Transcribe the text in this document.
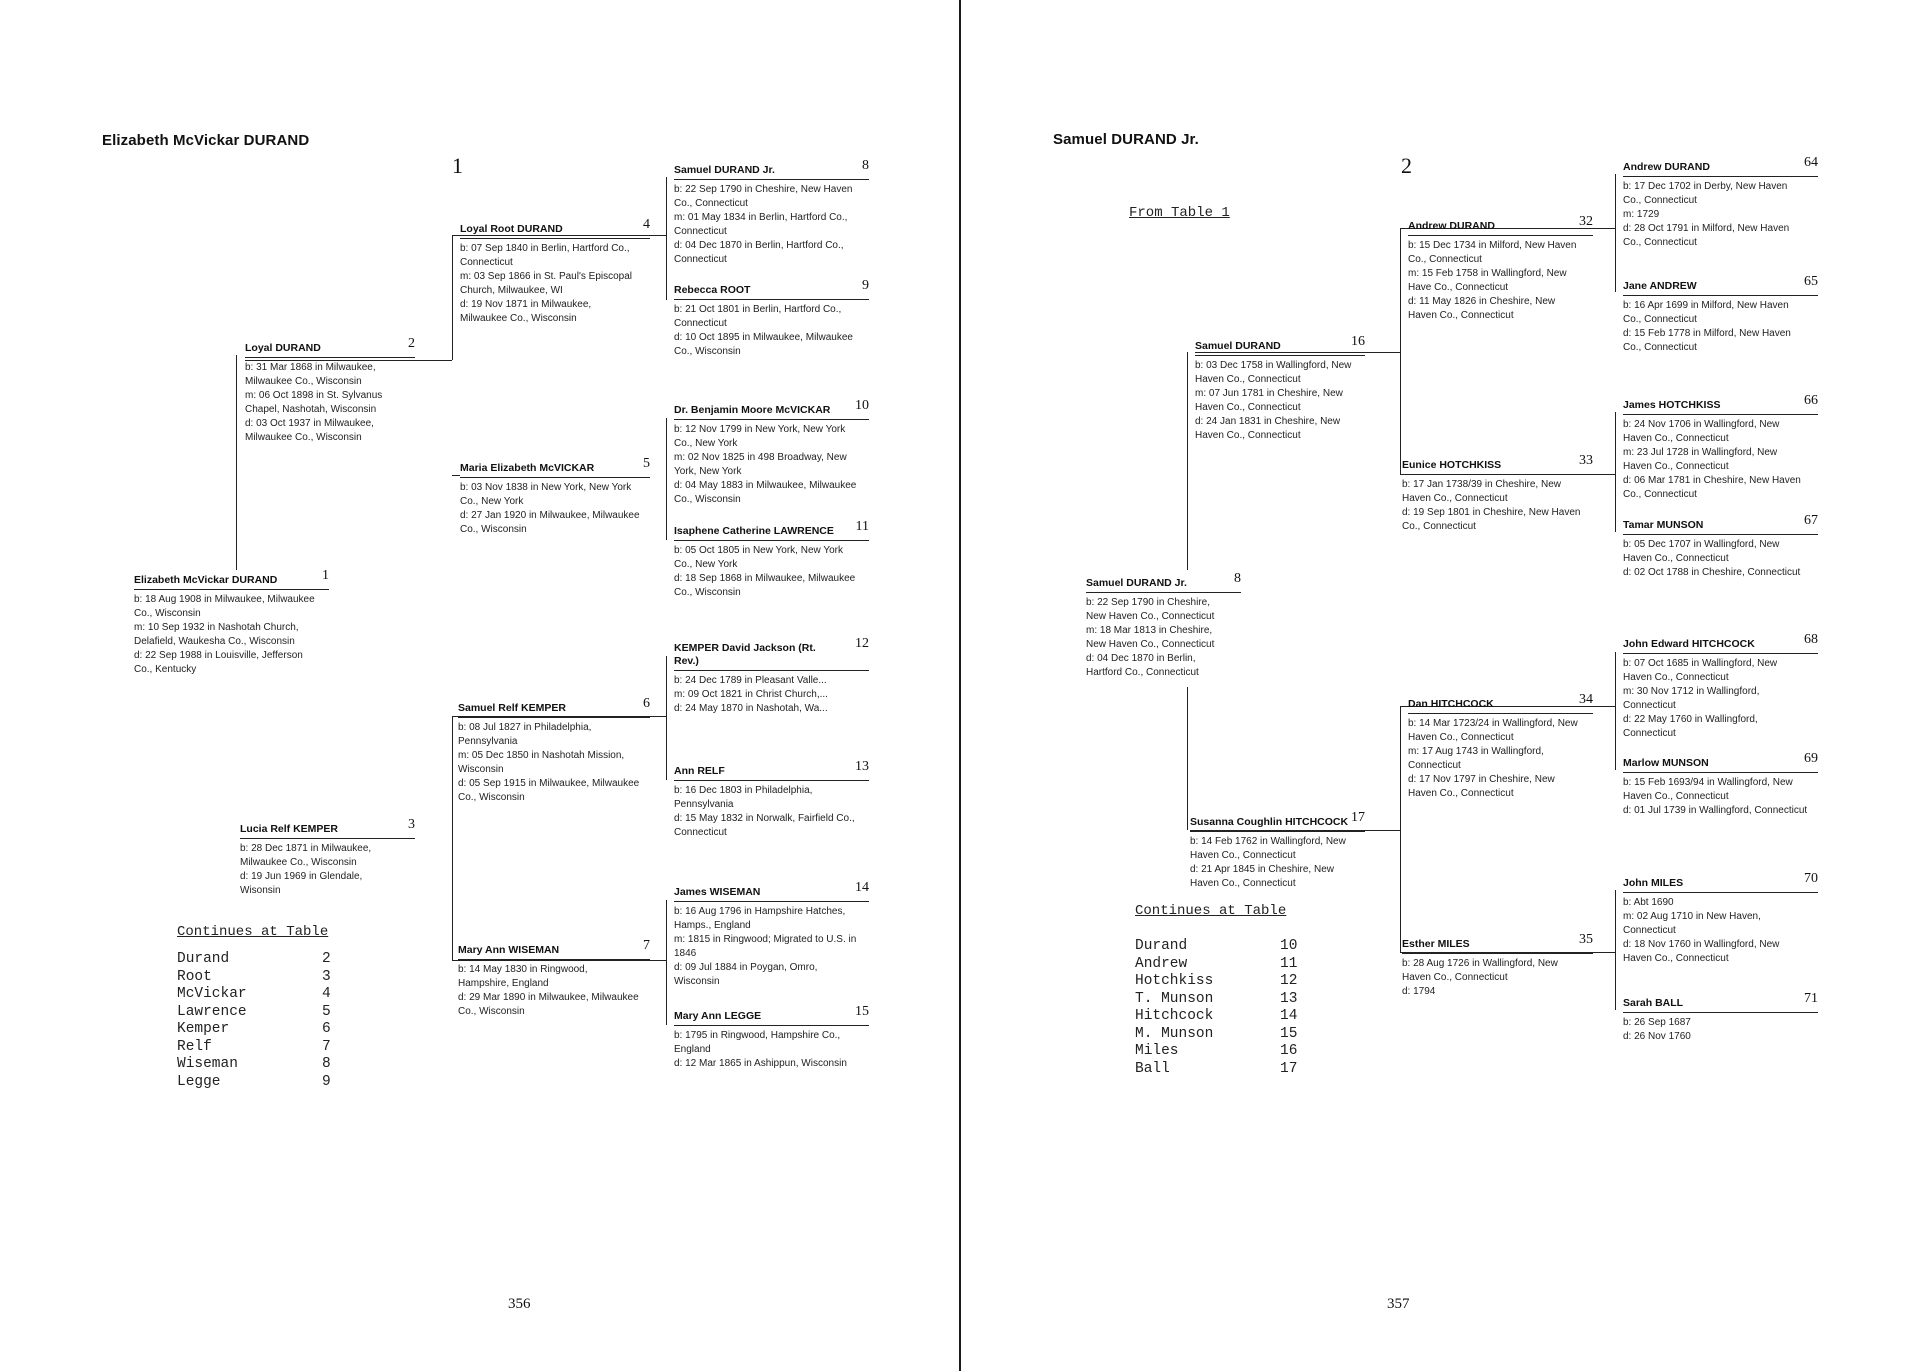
Elizabeth McVickar DURAND
1
356
Elizabeth McVickar DURAND	1
b: 18 Aug 1908 in Milwaukee, Milwaukee Co., Wisconsin
m: 10 Sep 1932 in Nashotah Church, Delafield, Waukesha Co., Wisconsin
d: 22 Sep 1988 in Louisville, Jefferson Co., Kentucky
Loyal DURAND	2
b: 31 Mar 1868 in Milwaukee, Milwaukee Co., Wisconsin
m: 06 Oct 1898 in St. Sylvanus Chapel, Nashotah, Wisconsin
d: 03 Oct 1937 in Milwaukee, Milwaukee Co., Wisconsin
Lucia Relf KEMPER	3
b: 28 Dec 1871 in Milwaukee, Milwaukee Co., Wisconsin
d: 19 Jun 1969 in Glendale, Wisonsin
Loyal Root DURAND	4
b: 07 Sep 1840 in Berlin, Hartford Co., Connecticut
m: 03 Sep 1866 in St. Paul's Episcopal Church, Milwaukee, WI
d: 19 Nov 1871 in Milwaukee, Milwaukee Co., Wisconsin
Maria Elizabeth McVICKAR	5
b: 03 Nov 1838 in New York, New York Co., New York
d: 27 Jan 1920 in Milwaukee, Milwaukee Co., Wisconsin
Samuel Relf KEMPER	6
b: 08 Jul 1827 in Philadelphia, Pennsylvania
m: 05 Dec 1850 in Nashotah Mission, Wisconsin
d: 05 Sep 1915 in Milwaukee, Milwaukee Co., Wisconsin
Mary Ann WISEMAN	7
b: 14 May 1830 in Ringwood, Hampshire, England
d: 29 Mar 1890 in Milwaukee, Milwaukee Co., Wisconsin
Samuel DURAND Jr.	8
b: 22 Sep 1790 in Cheshire, New Haven Co., Connecticut
m: 01 May 1834 in Berlin, Hartford Co., Connecticut
d: 04 Dec 1870 in Berlin, Hartford Co., Connecticut
Rebecca ROOT	9
b: 21 Oct 1801 in Berlin, Hartford Co., Connecticut
d: 10 Oct 1895 in Milwaukee, Milwaukee Co., Wisconsin
Dr. Benjamin Moore McVICKAR	10
b: 12 Nov 1799 in New York, New York Co., New York
m: 02 Nov 1825 in 498 Broadway, New York, New York
d: 04 May 1883 in Milwaukee, Milwaukee Co., Wisconsin
Isaphene Catherine LAWRENCE	11
b: 05 Oct 1805 in New York, New York Co., New York
d: 18 Sep 1868 in Milwaukee, Milwaukee Co., Wisconsin
KEMPER David Jackson (Rt. Rev.)
12
b: 24 Dec 1789 in Pleasant Valle...
m: 09 Oct 1821 in Christ Church,...
d: 24 May 1870 in Nashotah, Wa...
Ann RELF	13
b: 16 Dec 1803 in Philadelphia, Pennsylvania
d: 15 May 1832 in Norwalk, Fairfield Co., Connecticut
James WISEMAN	14
b: 16 Aug 1796 in Hampshire Hatches, Hamps., England
m: 1815 in Ringwood; Migrated to U.S. in 1846
d: 09 Jul 1884 in Poygan, Omro, Wisconsin
Mary Ann LEGGE	15
b: 1795 in Ringwood, Hampshire Co., England
d: 12 Mar 1865 in Ashippun, Wisconsin
Continues at Table
Durand	2
Root	3
McVickar	4
Lawrence	5
Kemper	6
Relf	7
Wiseman	8
Legge	9
Samuel DURAND Jr.
2
From Table 1
357
Samuel DURAND Jr.	8
b: 22 Sep 1790 in Cheshire, New Haven Co., Connecticut
m: 18 Mar 1813 in Cheshire, New Haven Co., Connecticut
d: 04 Dec 1870 in Berlin, Hartford Co., Connecticut
Samuel DURAND	16
b: 03 Dec 1758 in Wallingford, New Haven Co., Connecticut
m: 07 Jun 1781 in Cheshire, New Haven Co., Connecticut
d: 24 Jan 1831 in Cheshire, New Haven Co., Connecticut
Susanna Coughlin HITCHCOCK 17
b: 14 Feb 1762 in Wallingford, New Haven Co., Connecticut
d: 21 Apr 1845 in Cheshire, New Haven Co., Connecticut
Andrew DURAND	32
b: 15 Dec 1734 in Milford, New Haven Co., Connecticut
m: 15 Feb 1758 in Wallingford, New Have Co., Connecticut
d: 11 May 1826 in Cheshire, New Haven Co., Connecticut
Eunice HOTCHKISS	33
b: 17 Jan 1738/39 in Cheshire, New Haven Co., Connecticut
d: 19 Sep 1801 in Cheshire, New Haven Co., Connecticut
Dan HITCHCOCK	34
b: 14 Mar 1723/24 in Wallingford, New Haven Co., Connecticut
m: 17 Aug 1743 in Wallingford, Connecticut
d: 17 Nov 1797 in Cheshire, New Haven Co., Connecticut
Esther MILES	35
b: 28 Aug 1726 in Wallingford, New Haven Co., Connecticut
d: 1794
Andrew DURAND	64
b: 17 Dec 1702 in Derby, New Haven Co., Connecticut
m: 1729
d: 28 Oct 1791 in Milford, New Haven Co., Connecticut
Jane ANDREW	65
b: 16 Apr 1699 in Milford, New Haven Co., Connecticut
d: 15 Feb 1778 in Milford, New Haven Co., Connecticut
James HOTCHKISS	66
b: 24 Nov 1706 in Wallingford, New Haven Co., Connecticut
m: 23 Jul 1728 in Wallingford, New Haven Co., Connecticut
d: 06 Mar 1781 in Cheshire, New Haven Co., Connecticut
Tamar MUNSON	67
b: 05 Dec 1707 in Wallingford, New Haven Co., Connecticut
d: 02 Oct 1788 in Cheshire, Connecticut
John Edward HITCHCOCK	68
b: 07 Oct 1685 in Wallingford, New Haven Co., Connecticut
m: 30 Nov 1712 in Wallingford, Connecticut
d: 22 May 1760 in Wallingford, Connecticut
Marlow MUNSON	69
b: 15 Feb 1693/94 in Wallingford, New Haven Co., Connecticut
d: 01 Jul 1739 in Wallingford, Connecticut
John MILES	70
b: Abt 1690
m: 02 Aug 1710 in New Haven, Connecticut
d: 18 Nov 1760 in Wallingford, New Haven Co., Connecticut
Sarah BALL	71
b: 26 Sep 1687
d: 26 Nov 1760
Continues at Table
Durand	10
Andrew	11
Hotchkiss	12
T. Munson	13
Hitchcock	14
M. Munson	15
Miles	16
Ball	17
